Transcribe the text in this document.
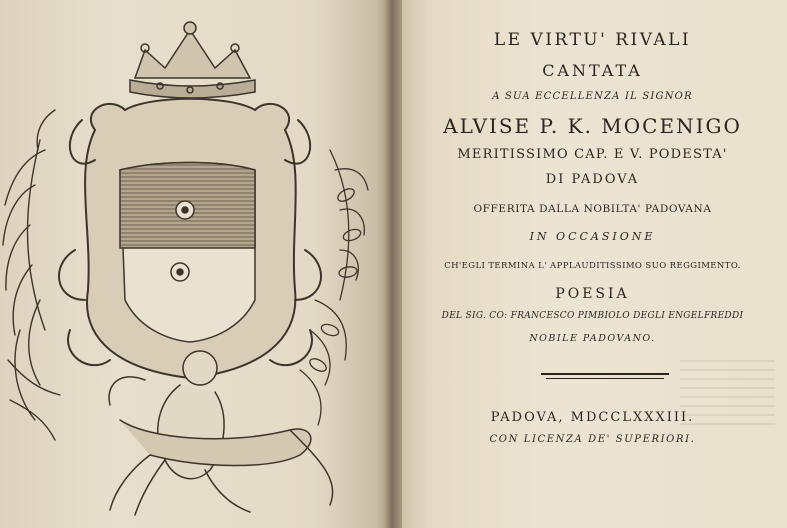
LE VIRTU' RIVALI
CANTATA
A SUA ECCELLENZA IL SIGNOR
ALVISE P. K. MOCENIGO
MERITISSIMO CAP. E V. PODESTA'
DI PADOVA
OFFERITA DALLA NOBILTA' PADOVANA
IN OCCASIONE
CH'EGLI TERMINA L' APPLAUDITISSIMO SUO REGGIMENTO.
POESIA
DEL SIG. CO: FRANCESCO PIMBIOLO DEGLI ENGELFREDDI
NOBILE PADOVANO.
PADOVA, MDCCLXXXIII.
CON LICENZA DE' SUPERIORI.
